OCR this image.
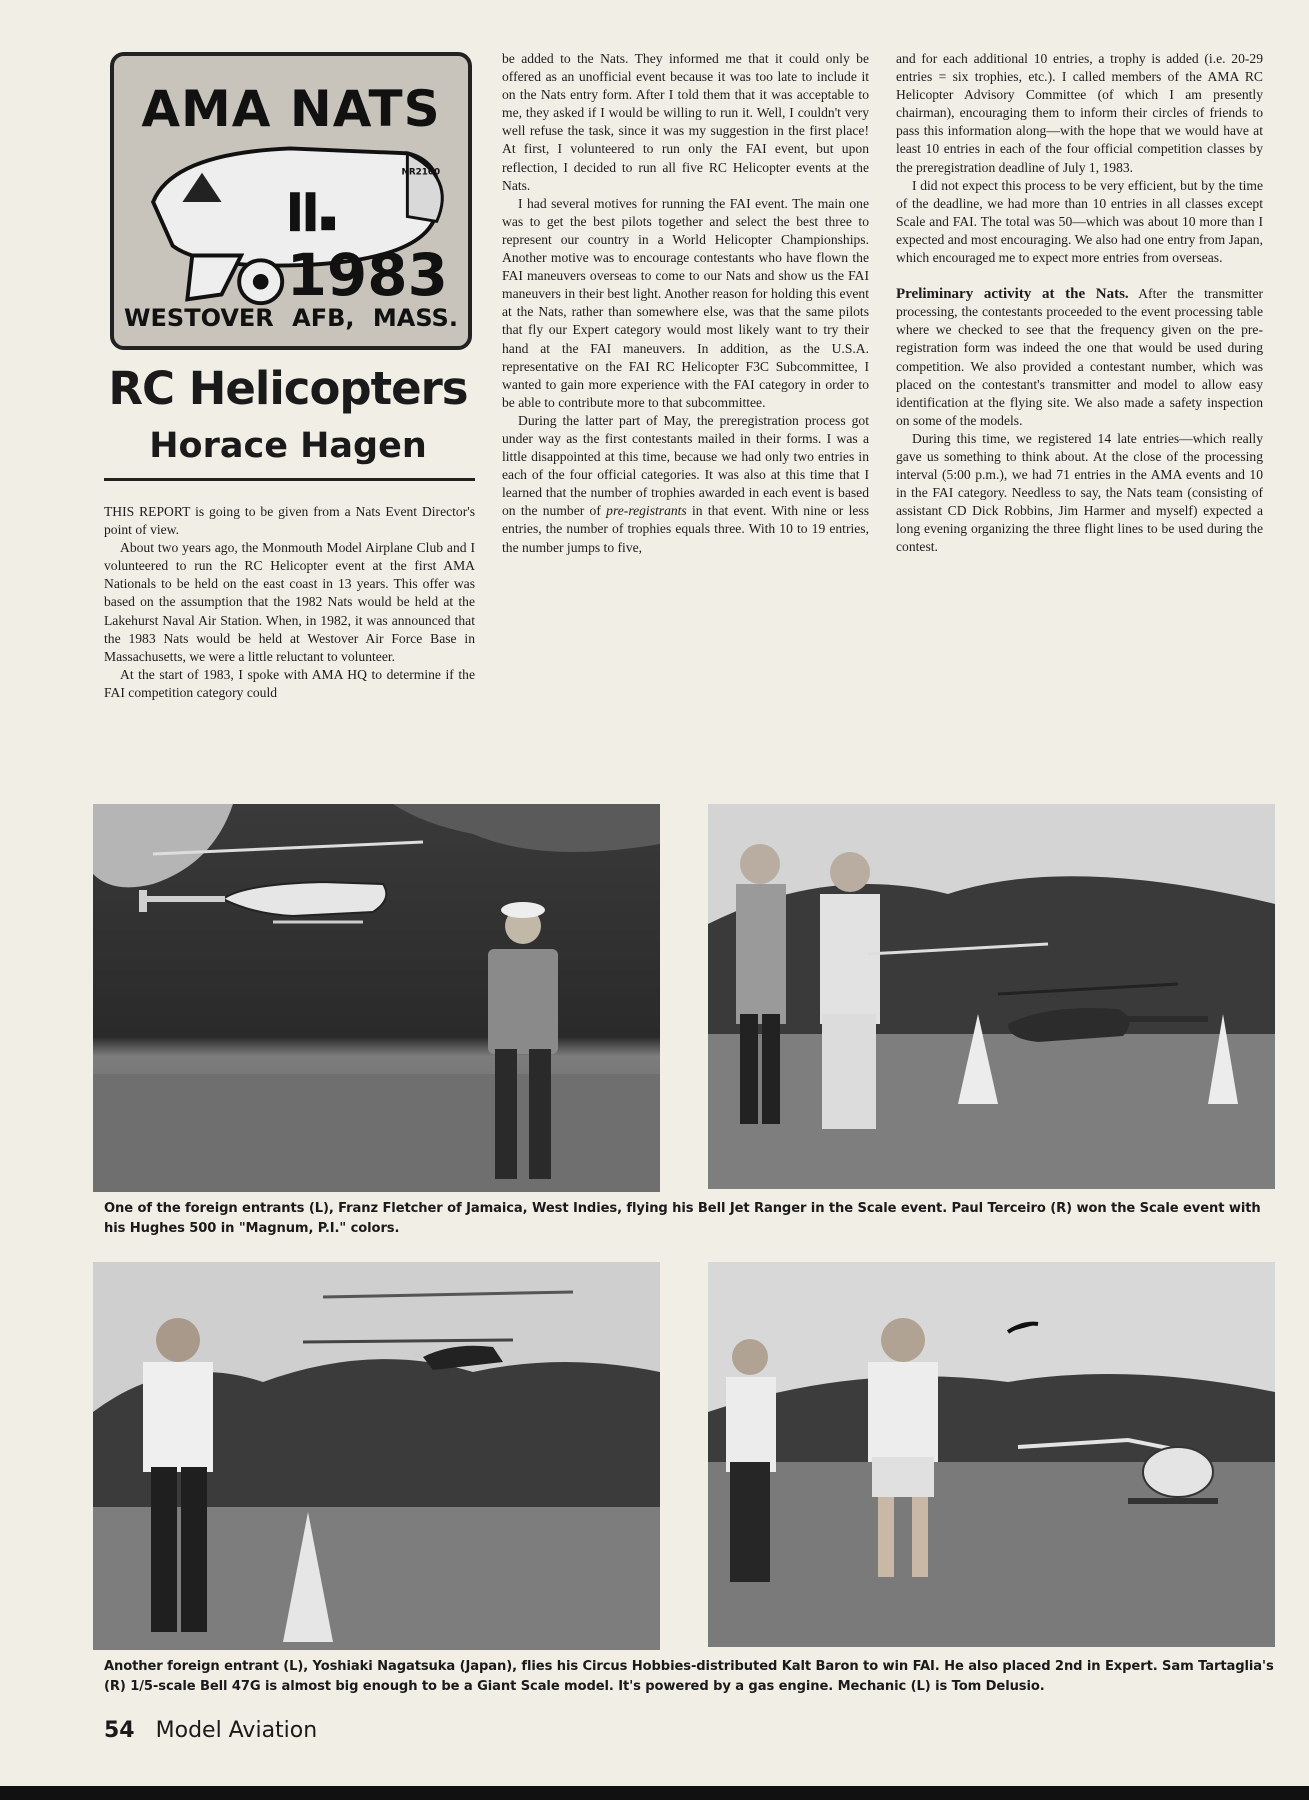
NR2100
AMA NATS
1983
WESTOVER AFB, MASS.
RC Helicopters
Horace Hagen

THIS REPORT is going to be given from a Nats Event Director's point of view.

About two years ago, the Monmouth Model Airplane Club and I volunteered to run the RC Helicopter event at the first AMA Nationals to be held on the east coast in 13 years. This offer was based on the assumption that the 1982 Nats would be held at the Lakehurst Naval Air Station. When, in 1982, it was announced that the 1983 Nats would be held at Westover Air Force Base in Massachusetts, we were a little reluctant to volunteer.

At the start of 1983, I spoke with AMA HQ to determine if the FAI competition category could

be added to the Nats. They informed me that it could only be offered as an unofficial event because it was too late to include it on the Nats entry form. After I told them that it was acceptable to me, they asked if I would be willing to run it. Well, I couldn't very well refuse the task, since it was my suggestion in the first place! At first, I volunteered to run only the FAI event, but upon reflection, I decided to run all five RC Helicopter events at the Nats.

I had several motives for running the FAI event. The main one was to get the best pilots together and select the best three to represent our country in a World Helicopter Championships. Another motive was to encourage contestants who have flown the FAI maneuvers overseas to come to our Nats and show us the FAI maneuvers in their best light. Another reason for holding this event at the Nats, rather than somewhere else, was that the same pilots that fly our Expert category would most likely want to try their hand at the FAI maneuvers. In addition, as the U.S.A. representative on the FAI RC Helicopter F3C Subcommittee, I wanted to gain more experience with the FAI category in order to be able to contribute more to that subcommittee.

During the latter part of May, the preregistration process got under way as the first contestants mailed in their forms. I was a little disappointed at this time, because we had only two entries in each of the four official categories. It was also at this time that I learned that the number of trophies awarded in each event is based on the number of pre-registrants in that event. With nine or less entries, the number of trophies equals three. With 10 to 19 entries, the number jumps to five,

and for each additional 10 entries, a trophy is added (i.e. 20-29 entries = six trophies, etc.). I called members of the AMA RC Helicopter Advisory Committee (of which I am presently chairman), encouraging them to inform their circles of friends to pass this information along—with the hope that we would have at least 10 entries in each of the four official competition classes by the preregistration deadline of July 1, 1983.

I did not expect this process to be very efficient, but by the time of the deadline, we had more than 10 entries in all classes except Scale and FAI. The total was 50—which was about 10 more than I expected and most encouraging. We also had one entry from Japan, which encouraged me to expect more entries from overseas.

Preliminary activity at the Nats. After the transmitter processing, the contestants proceeded to the event processing table where we checked to see that the frequency given on the pre-registration form was indeed the one that would be used during competition. We also provided a contestant number, which was placed on the contestant's transmitter and model to allow easy identification at the flying site. We also made a safety inspection on some of the models.

During this time, we registered 14 late entries—which really gave us something to think about. At the close of the processing interval (5:00 p.m.), we had 71 entries in the AMA events and 10 in the FAI category. Needless to say, the Nats team (consisting of assistant CD Dick Robbins, Jim Harmer and myself) expected a long evening organizing the three flight lines to be used during the contest.

One of the foreign entrants (L), Franz Fletcher of Jamaica, West Indies, flying his Bell Jet Ranger in the Scale event. Paul Terceiro (R) won the Scale event with his Hughes 500 in "Magnum, P.I." colors.
Another foreign entrant (L), Yoshiaki Nagatsuka (Japan), flies his Circus Hobbies-distributed Kalt Baron to win FAI. He also placed 2nd in Expert. Sam Tartaglia's (R) 1/5-scale Bell 47G is almost big enough to be a Giant Scale model. It's powered by a gas engine. Mechanic (L) is Tom Delusio.
54 Model Aviation
